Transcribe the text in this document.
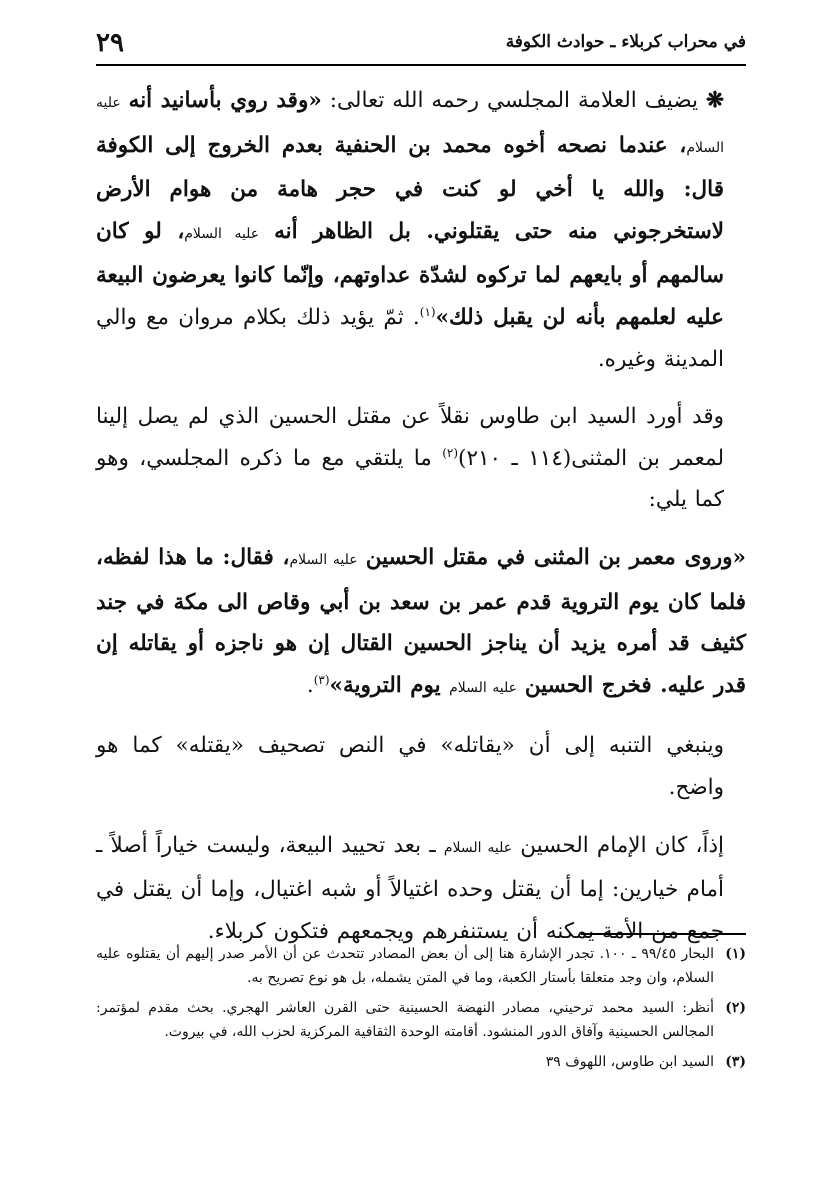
٢٩	في محراب كربلاء ـ حوادث الكوفة

❋ يضيف العلامة المجلسي رحمه الله تعالى: «وقد روي بأسانيد أنه عليه السلام، عندما نصحه أخوه محمد بن الحنفية بعدم الخروج إلى الكوفة قال: والله يا أخي لو كنت في حجر هامة من هوام الأرض لاستخرجوني منه حتى يقتلوني. بل الظاهر أنه عليه السلام، لو كان سالمهم أو بايعهم لما تركوه لشدّة عداوتهم، وإنّما كانوا يعرضون البيعة عليه لعلمهم بأنه لن يقبل ذلك»$^{(١)}$. ثمّ يؤيد ذلك بكلام مروان مع والي المدينة وغيره.

وقد أورد السيد ابن طاوس نقلاً عن مقتل الحسين الذي لم يصل إلينا لمعمر بن المثنى(١١٤ ـ ٢١٠)$^{(٢)}$ ما يلتقي مع ما ذكره المجلسي، وهو كما يلي:

«وروى معمر بن المثنى في مقتل الحسين عليه السلام، فقال: ما هذا لفظه، فلما كان يوم التروية قدم عمر بن سعد بن أبي وقاص الى مكة في جند كثيف قد أمره يزيد أن يناجز الحسين القتال إن هو ناجزه أو يقاتله إن قدر عليه. فخرج الحسين عليه السلام يوم التروية»$^{(٣)}$.

وينبغي التنبه إلى أن «يقاتله» في النص تصحيف «يقتله» كما هو واضح.

إذاً، كان الإمام الحسين عليه السلام ـ بعد تحييد البيعة، وليست خياراً أصلاً ـ أمام خيارين: إما أن يقتل وحده اغتيالاً أو شبه اغتيال، وإما أن يقتل في جمع من الأمة يمكنه أن يستنفرهم ويجمعهم فتكون كربلاء.

(١)
البحار ٩٩/٤٥ ـ ١٠٠. تجدر الإشارة هنا إلى أن بعض المصادر تتحدث عن أن الأمر صدر إليهم أن يقتلوه عليه السلام، وان وجد متعلقا بأستار الكعبة، وما في المتن يشمله، بل هو نوع تصريح به.

(٢)
أنظر: السيد محمد ترحيني، مصادر النهضة الحسينية حتى القرن العاشر الهجري. بحث مقدم لمؤتمر: المجالس الحسينية وآفاق الدور المنشود. أقامته الوحدة الثقافية المركزية لحزب الله، في بيروت.

(٣)
السيد ابن طاوس، اللهوف ٣٩
